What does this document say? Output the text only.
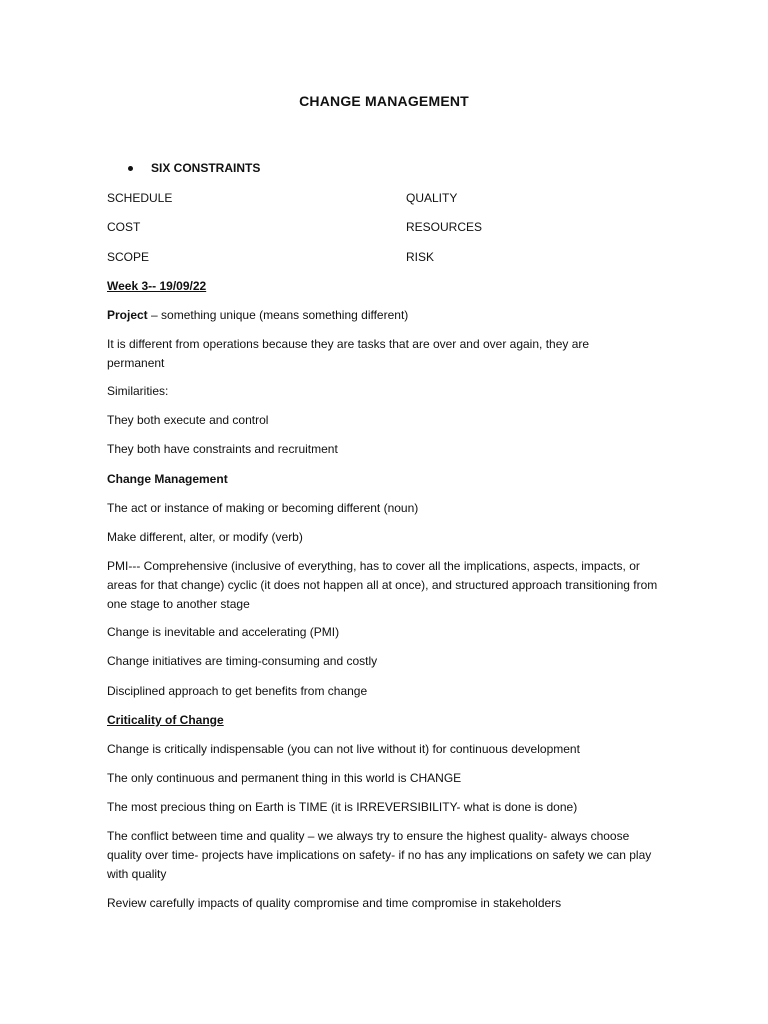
CHANGE MANAGEMENT
SIX CONSTRAINTS
SCHEDULE	QUALITY
COST	RESOURCES
SCOPE	RISK
Week 3-- 19/09/22
Project – something unique (means something different)
It is different from operations because they are tasks that are over and over again, they are permanent
Similarities:
They both execute and control
They both have constraints and recruitment
Change Management
The act or instance of making or becoming different (noun)
Make different, alter, or modify (verb)
PMI--- Comprehensive (inclusive of everything, has to cover all the implications, aspects, impacts, or areas for that change) cyclic (it does not happen all at once), and structured approach transitioning from one stage to another stage
Change is inevitable and accelerating (PMI)
Change initiatives are timing-consuming and costly
Disciplined approach to get benefits from change
Criticality of Change
Change is critically indispensable (you can not live without it) for continuous development
The only continuous and permanent thing in this world is CHANGE
The most precious thing on Earth is TIME (it is IRREVERSIBILITY- what is done is done)
The conflict between time and quality – we always try to ensure the highest quality- always choose quality over time- projects have implications on safety- if no has any implications on safety we can play with quality
Review carefully impacts of quality compromise and time compromise in stakeholders
